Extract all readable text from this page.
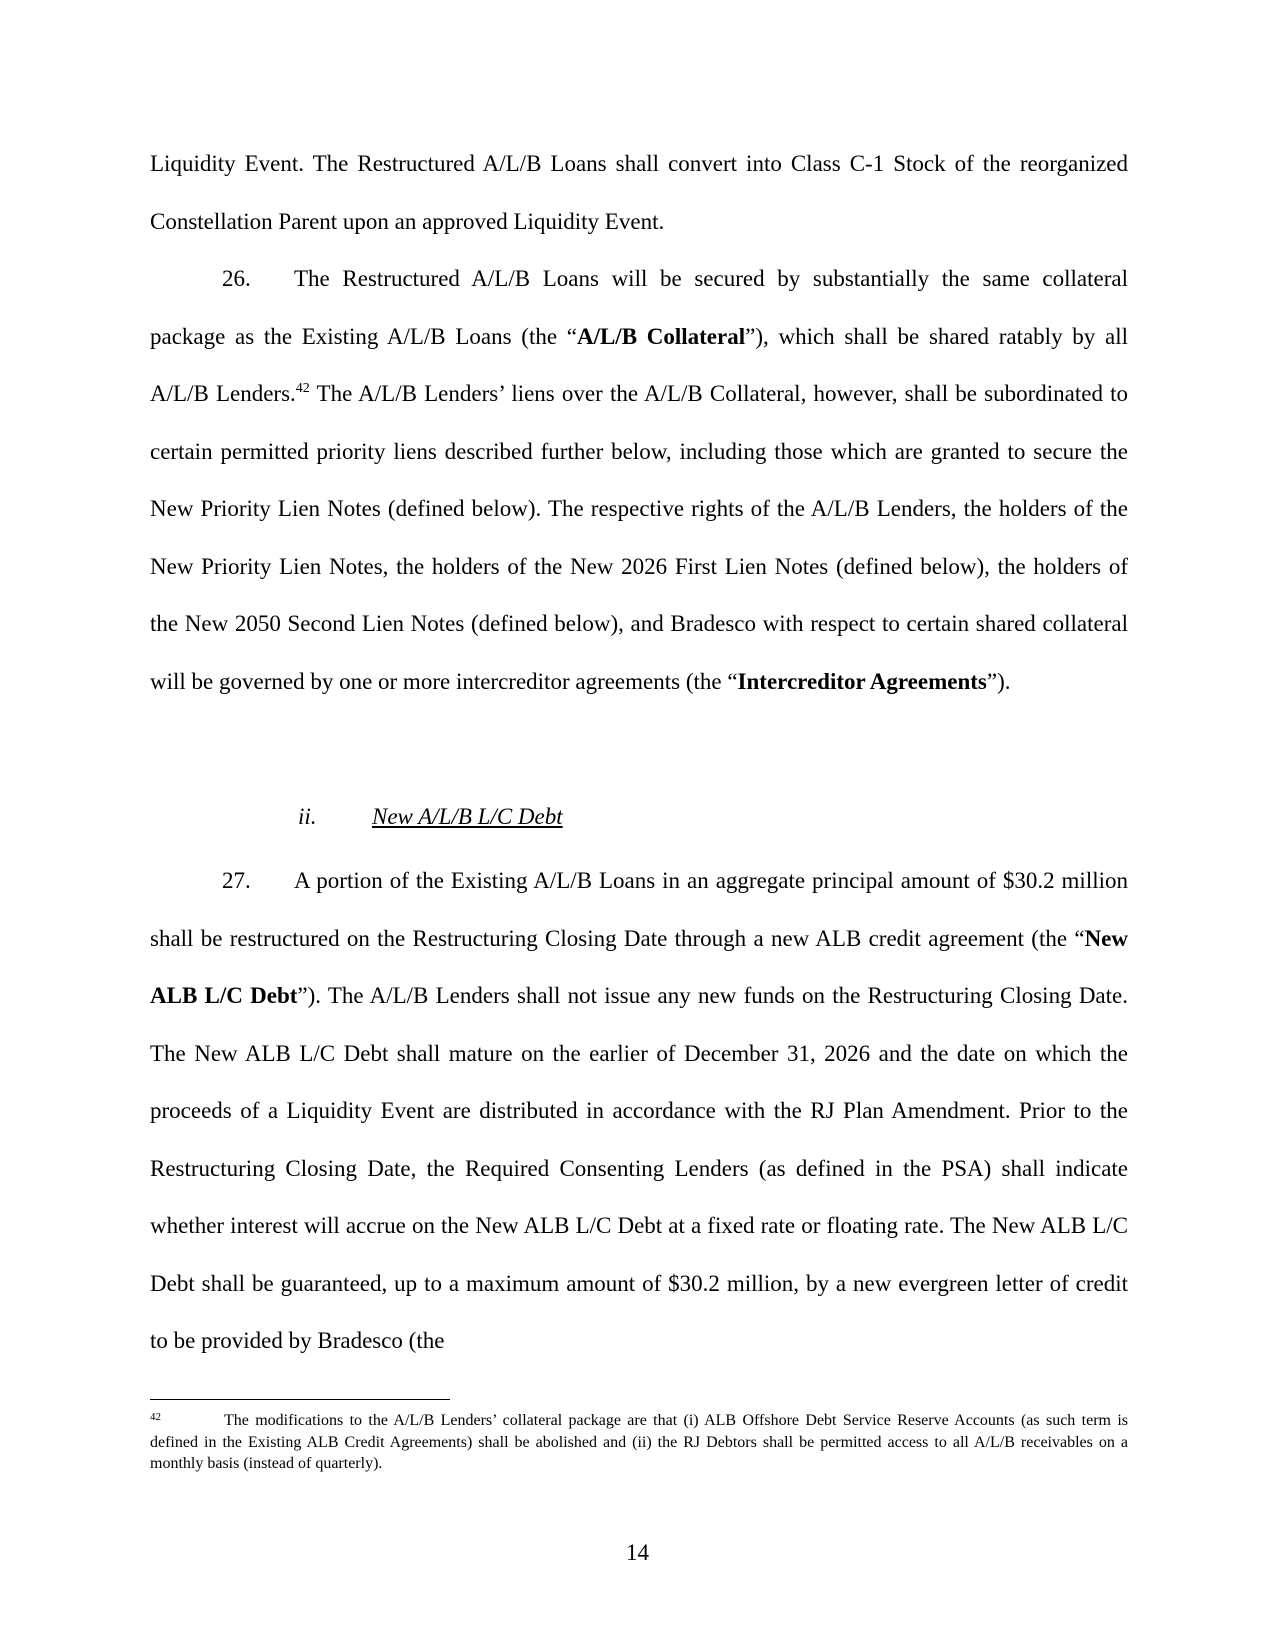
Liquidity Event. The Restructured A/L/B Loans shall convert into Class C-1 Stock of the reorganized Constellation Parent upon an approved Liquidity Event.

26. The Restructured A/L/B Loans will be secured by substantially the same collateral package as the Existing A/L/B Loans (the “A/L/B Collateral”), which shall be shared ratably by all A/L/B Lenders.$^{42}$ The A/L/B Lenders’ liens over the A/L/B Collateral, however, shall be subordinated to certain permitted priority liens described further below, including those which are granted to secure the New Priority Lien Notes (defined below). The respective rights of the A/L/B Lenders, the holders of the New Priority Lien Notes, the holders of the New 2026 First Lien Notes (defined below), the holders of the New 2050 Second Lien Notes (defined below), and Bradesco with respect to certain shared collateral will be governed by one or more intercreditor agreements (the “Intercreditor Agreements”).

ii. New A/L/B L/C Debt

27. A portion of the Existing A/L/B Loans in an aggregate principal amount of $30.2 million shall be restructured on the Restructuring Closing Date through a new ALB credit agreement (the “New ALB L/C Debt”). The A/L/B Lenders shall not issue any new funds on the Restructuring Closing Date. The New ALB L/C Debt shall mature on the earlier of December 31, 2026 and the date on which the proceeds of a Liquidity Event are distributed in accordance with the RJ Plan Amendment. Prior to the Restructuring Closing Date, the Required Consenting Lenders (as defined in the PSA) shall indicate whether interest will accrue on the New ALB L/C Debt at a fixed rate or floating rate. The New ALB L/C Debt shall be guaranteed, up to a maximum amount of $30.2 million, by a new evergreen letter of credit to be provided by Bradesco (the

42	The modifications to the A/L/B Lenders’ collateral package are that (i) ALB Offshore Debt Service Reserve Accounts (as such term is defined in the Existing ALB Credit Agreements) shall be abolished and (ii) the RJ Debtors shall be permitted access to all A/L/B receivables on a monthly basis (instead of quarterly).
14
